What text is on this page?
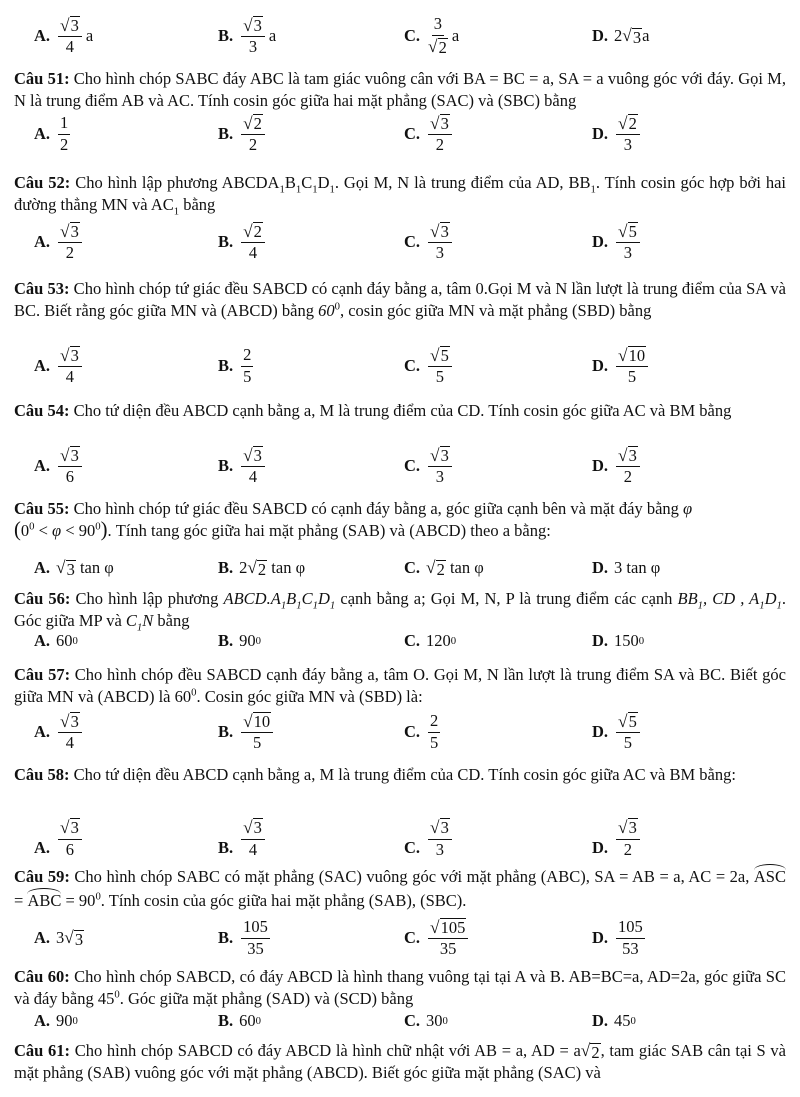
A. $\frac{√ 3}{4}$ a	B. $\frac{√ 3}{3}$ a	C. $\frac{3}{√ 2}$ a	D. 2 √ 3 a
Câu 51: Cho hình chóp SABC đáy ABC là tam giác vuông cân với BA = BC = a, SA = a vuông góc với đáy. Gọi M, N là trung điểm AB và AC. Tính cosin góc giữa hai mặt phẳng (SAC) và (SBC) bằng
A. $\frac{1}{2}$	B. $\frac{√ 2}{2}$	C. $\frac{√ 3}{2}$	D. $\frac{√ 2}{3}$
Câu 52: Cho hình lập phương $ABCDA_1B_1C_1D_1$. Gọi M, N là trung điểm của AD, $BB_1$. Tính cosin góc hợp bởi hai đường thẳng MN và $AC_1$ bằng
A. $\frac{√ 3}{2}$	B. $\frac{√ 2}{4}$	C. $\frac{√ 3}{3}$	D. $\frac{√ 5}{3}$
Câu 53: Cho hình chóp tứ giác đều SABCD có cạnh đáy bằng a, tâm 0.Gọi M và N lần lượt là trung điểm của SA và BC. Biết rằng góc giữa MN và (ABCD) bằng $60^0$, cosin góc giữa MN và mặt phẳng (SBD) bằng
A. $\frac{√ 3}{4}$	B. $\frac{2}{5}$	C. $\frac{√ 5}{5}$	D. $\frac{√ 10}{5}$
Câu 54: Cho tứ diện đều ABCD cạnh bằng a, M là trung điểm của CD. Tính cosin góc giữa AC và BM bằng
A. $\frac{√ 3}{6}$	B. $\frac{√ 3}{4}$	C. $\frac{√ 3}{3}$	D. $\frac{√ 3}{2}$
Câu 55: Cho hình chóp tứ giác đều SABCD có cạnh đáy bằng a, góc giữa cạnh bên và mặt đáy bằng φ
$(0^0 < \varphi < 90^0)$. Tính tang góc giữa hai mặt phẳng (SAB) và (ABCD) theo a bằng:
A. √ 3 tan φ	B. 2 √ 2 tan φ	C. √ 2 tan φ	D. 3 tan φ
Câu 56: Cho hình lập phương $ABCD.A_1B_1C_1D_1$ cạnh bằng a; Gọi M, N, P là trung điểm các cạnh $BB_1$, CD , $A_1D_1$. Góc giữa MP và $C_1N$ bằng
A. 60 0	B. 90 0	C. 120 0	D. 150 0
Câu 57: Cho hình chóp đều SABCD cạnh đáy bằng a, tâm O. Gọi M, N lần lượt là trung điểm SA và BC. Biết góc giữa MN và (ABCD) là $60^0$. Cosin góc giữa MN và (SBD) là:
A. $\frac{√ 3}{4}$	B. $\frac{√ 10}{5}$	C. $\frac{2}{5}$	D. $\frac{√ 5}{5}$
Câu 58: Cho tứ diện đều ABCD cạnh bằng a, M là trung điểm của CD. Tính cosin góc giữa AC và BM bằng:
A. $\frac{√ 3}{6}$	B. $\frac{√ 3}{4}$	C. $\frac{√ 3}{3}$	D. $\frac{√ 3}{2}$
Câu 59: Cho hình chóp SABC có mặt phẳng (SAC) vuông góc với mặt phẳng (ABC), SA = AB = a, AC = 2a, ASC = ABC = $90^0$. Tính cosin của góc giữa hai mặt phẳng (SAB), (SBC).
A. 3 √ 3	B. $\frac{105}{35}$	C. $\frac{√ 105}{35}$	D. $\frac{105}{53}$
Câu 60: Cho hình chóp SABCD, có đáy ABCD là hình thang vuông tại tại A và B. AB=BC=a, AD=2a, góc giữa SC và đáy bằng $45^0$. Góc giữa mặt phẳng (SAD) và (SCD) bằng
A. 90 0	B. 60 0	C. 30 0	D. 45 0
Câu 61: Cho hình chóp SABCD có đáy ABCD là hình chữ nhật với AB = a, AD = a √ 2 , tam giác SAB cân tại S và mặt phẳng (SAB) vuông góc với mặt phẳng (ABCD). Biết góc giữa mặt phẳng (SAC) và
